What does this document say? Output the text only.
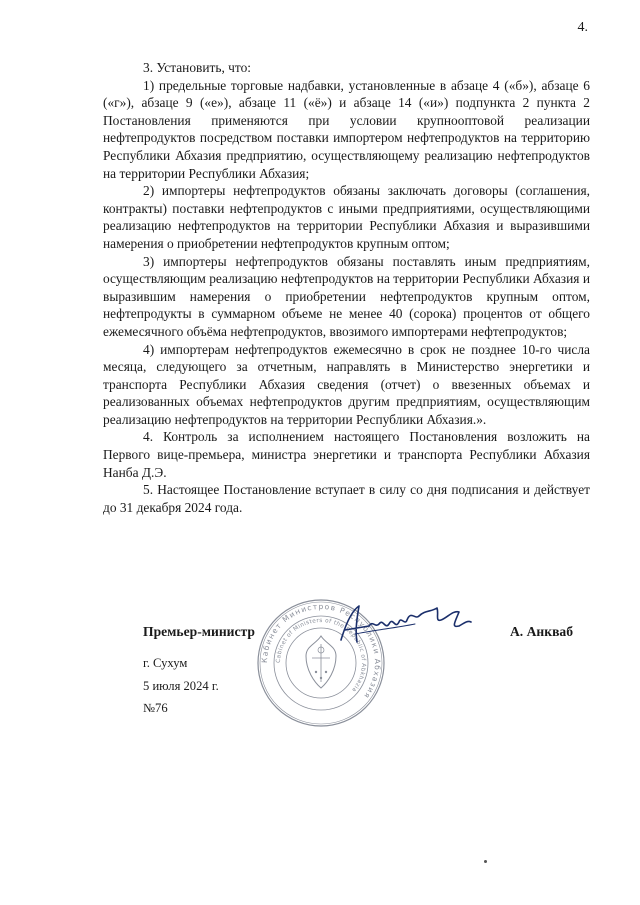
4.

3. Установить, что:

1) предельные торговые надбавки, установленные в абзаце 4 («б»), абзаце 6 («г»), абзаце 9 («е»), абзаце 11 («ё») и абзаце 14 («и») подпункта 2 пункта 2 Постановления применяются при условии крупнооптовой реализации нефтепродуктов посредством поставки импортером нефтепродуктов на территорию Республики Абхазия предприятию, осуществляющему реализацию нефтепродуктов на территории Республики Абхазия;

2) импортеры нефтепродуктов обязаны заключать договоры (соглашения, контракты) поставки нефтепродуктов с иными предприятиями, осуществляющими реализацию нефтепродуктов на территории Республики Абхазия и выразившими намерения о приобретении нефтепродуктов крупным оптом;

3) импортеры нефтепродуктов обязаны поставлять иным предприятиям, осуществляющим реализацию нефтепродуктов на территории Республики Абхазия и выразившим намерения о приобретении нефтепродуктов крупным оптом, нефтепродукты в суммарном объеме не менее 40 (сорока) процентов от общего ежемесячного объёма нефтепродуктов, ввозимого импортерами нефтепродуктов;

4) импортерам нефтепродуктов ежемесячно в срок не позднее 10-го числа месяца, следующего за отчетным, направлять в Министерство энергетики и транспорта Республики Абхазия сведения (отчет) о ввезенных объемах и реализованных объемах нефтепродуктов другим предприятиям, осуществляющим реализацию нефтепродуктов на территории Республики Абхазия.».

4. Контроль за исполнением настоящего Постановления возложить на Первого вице-премьера, министра энергетики и транспорта Республики Абхазия Нанба Д.Э.

5. Настоящее Постановление вступает в силу со дня подписания и действует до 31 декабря 2024 года.

Кабинет Министров Республики Абхазия
Cabinet of Ministers of the Republic of Abkhazia
Премьер-министр	А. Анкваб
г. Сухум
5 июля 2024 г.
№76
